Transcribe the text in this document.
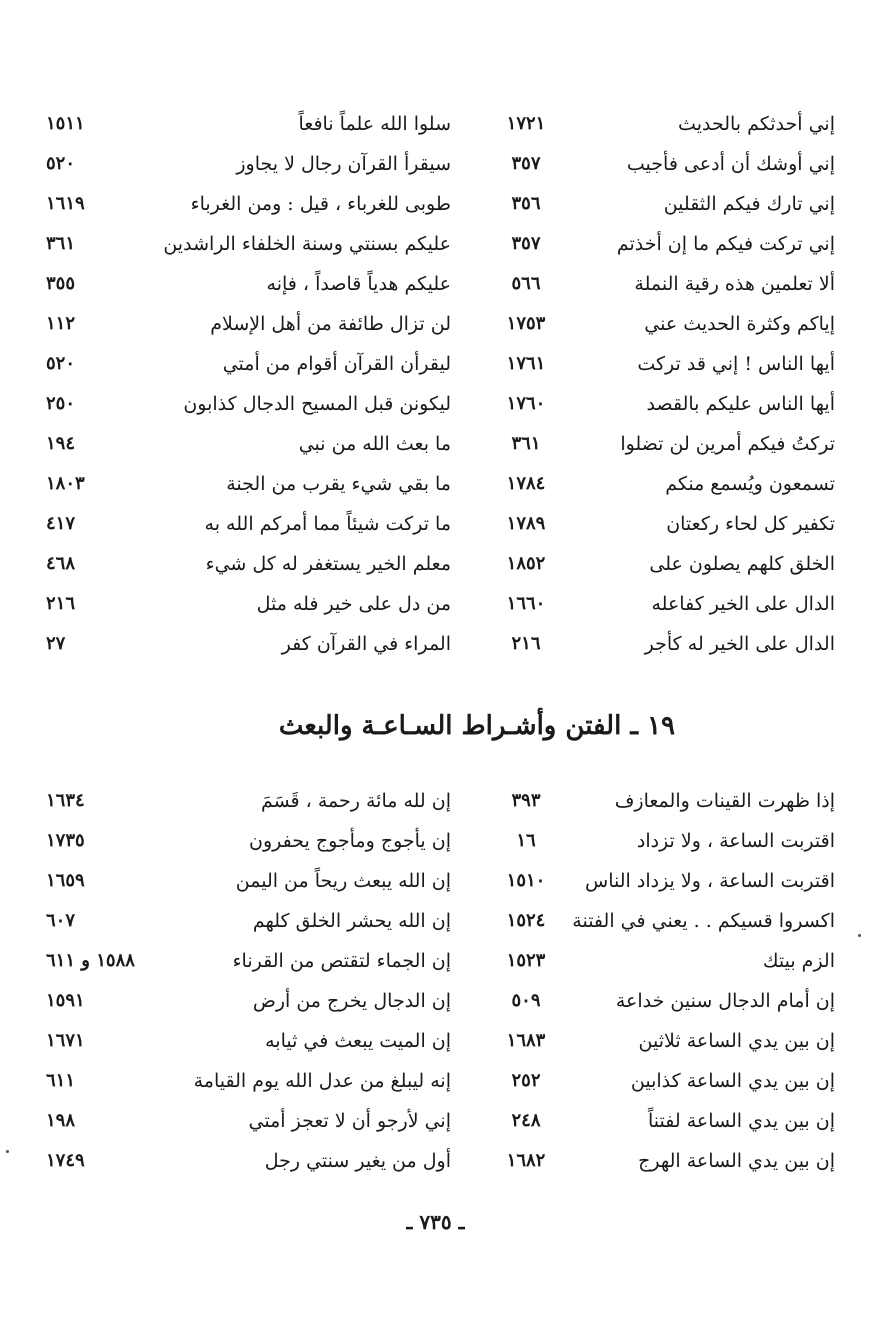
إني أحدثكم بالحديث
١٧٢١
سلوا الله علماً نافعاً
١٥١١
إني أوشك أن أدعى فأجيب
٣٥٧
سيقرأ القرآن رجال لا يجاوز
٥٢٠
إني تارك فيكم الثقلين
٣٥٦
طوبى للغرباء ، قيل : ومن الغرباء
١٦١٩
إني تركت فيكم ما إن أخذتم
٣٥٧
عليكم بسنتي وسنة الخلفاء الراشدين
٣٦١
ألا تعلمين هذه رقية النملة
٥٦٦
عليكم هدياً قاصداً ، فإنه
٣٥٥
إياكم وكثرة الحديث عني
١٧٥٣
لن تزال طائفة من أهل الإسلام
١١٢
أيها الناس ! إني قد تركت
١٧٦١
ليقرأن القرآن أقوام من أمتي
٥٢٠
أيها الناس عليكم بالقصد
١٧٦٠
ليكونن قبل المسيح الدجال كذابون
٢٥٠
تركتُ فيكم أمرين لن تضلوا
٣٦١
ما بعث الله من نبي
١٩٤
تسمعون ويُسمع منكم
١٧٨٤
ما بقي شيء يقرب من الجنة
١٨٠٣
تكفير كل لحاء ركعتان
١٧٨٩
ما تركت شيئاً مما أمركم الله به
٤١٧
الخلق كلهم يصلون على
١٨٥٢
معلم الخير يستغفر له كل شيء
٤٦٨
الدال على الخير كفاعله
١٦٦٠
من دل على خير فله مثل
٢١٦
الدال على الخير له كأجر
٢١٦
المراء في القرآن كفر
٢٧
١٩ ـ الفتن وأشـراط السـاعـة والبعث
إذا ظهرت القينات والمعازف
٣٩٣
إن لله مائة رحمة ، قَسَمَ
١٦٣٤
اقتربت الساعة ، ولا تزداد
١٦
إن يأجوج ومأجوج يحفرون
١٧٣٥
اقتربت الساعة ، ولا يزداد الناس
١٥١٠
إن الله يبعث ريحاً من اليمن
١٦٥٩
اكسروا قسيكم . . يعني في الفتنة
١٥٢٤
إن الله يحشر الخلق كلهم
٦٠٧
الزم بيتك
١٥٢٣
إن الجماء لتقتص من القرناء
١٥٨٨ و ٦١١
إن أمام الدجال سنين خداعة
٥٠٩
إن الدجال يخرج من أرض
١٥٩١
إن بين يدي الساعة ثلاثين
١٦٨٣
إن الميت يبعث في ثيابه
١٦٧١
إن بين يدي الساعة كذابين
٢٥٢
إنه ليبلغ من عدل الله يوم القيامة
٦١١
إن بين يدي الساعة لفتناً
٢٤٨
إني لأرجو أن لا تعجز أمتي
١٩٨
إن بين يدي الساعة الهرج
١٦٨٢
أول من يغير سنتي رجل
١٧٤٩
ـ ٧٣٥ ـ
